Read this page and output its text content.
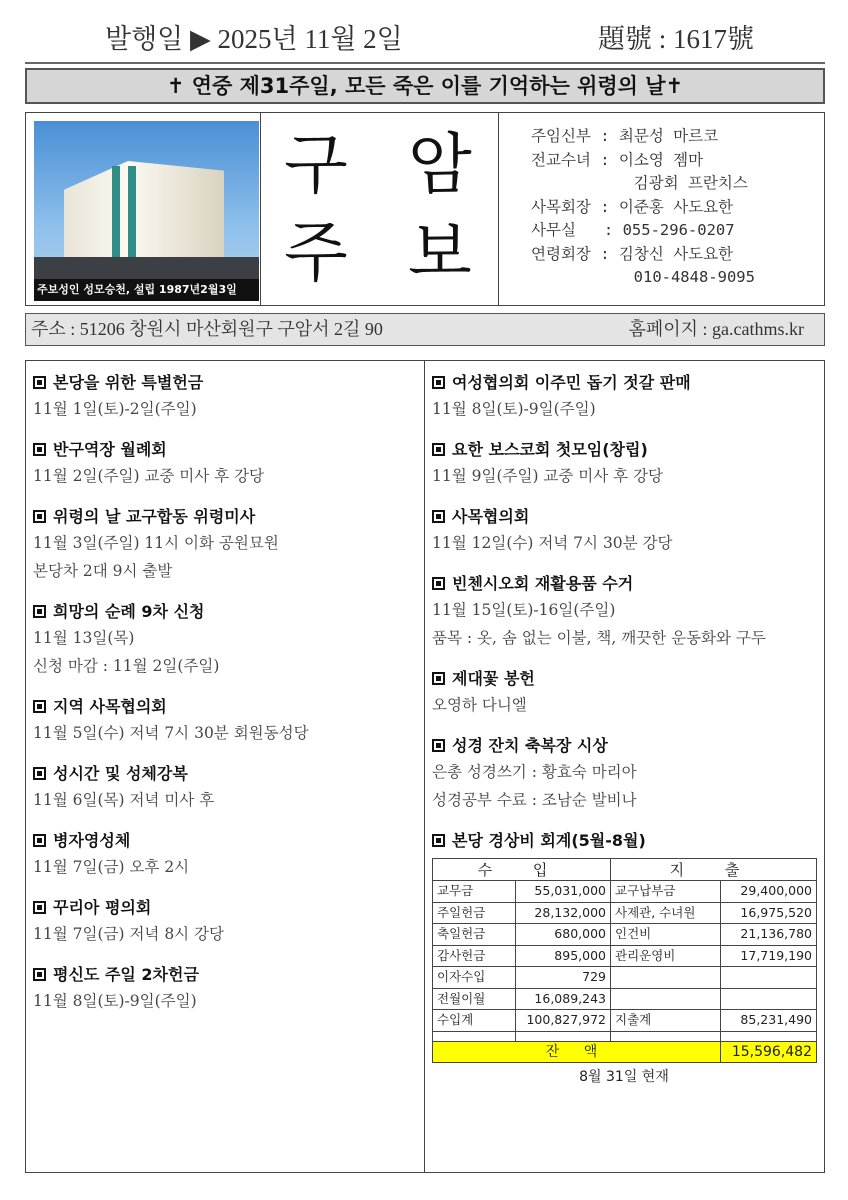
발행일 ▶ 2025년 11월 2일	題號 : 1617號
✝ 연중 제31주일, 모든 죽은 이를 기억하는 위령의 날✝
주보성인 성모승천, 설립 1987년2월3일
구 암
주 보
주임신부 : 최문성 마르코
전교수녀 : 이소영 젬마
김광회 프란치스
사목회장 : 이준홍 사도요한
사무실   : 055-296-0207
연령회장 : 김창신 사도요한
010-4848-9095
주소 : 51206 창원시 마산회원구 구암서 2길 90	홈페이지 : ga.cathms.kr
본당을 위한 특별헌금
11월 1일(토)-2일(주일)
반구역장 월례회
11월 2일(주일) 교중 미사 후 강당
위령의 날 교구합동 위령미사
11월 3일(주일) 11시 이화 공원묘원
본당차 2대 9시 출발
희망의 순례 9차 신청
11월 13일(목)
신청 마감 : 11월 2일(주일)
지역 사목협의회
11월 5일(수) 저녁 7시 30분 회원동성당
성시간 및 성체강복
11월 6일(목) 저녁 미사 후
병자영성체
11월 7일(금) 오후 2시
꾸리아 평의회
11월 7일(금) 저녁 8시 강당
평신도 주일 2차헌금
11월 8일(토)-9일(주일)
여성협의회 이주민 돕기 젓갈 판매
11월 8일(토)-9일(주일)
요한 보스코회 첫모임(창립)
11월 9일(주일) 교중 미사 후 강당
사목협의회
11월 12일(수) 저녁 7시 30분 강당
빈첸시오회 재활용품 수거
11월 15일(토)-16일(주일)
품목 : 옷, 솜 없는 이불, 책, 깨끗한 운동화와 구두
제대꽃 봉헌
오영하 다니엘
성경 잔치 축복장 시상
은총 성경쓰기 : 황효숙 마리아
성경공부 수료 : 조남순 발비나
본당 경상비 회계(5월-8월)
수 입		지 출	
교무금	55,031,000	교구납부금	29,400,000
주일헌금	28,132,000	사제관, 수녀원	16,975,520
축일헌금	680,000	인건비	21,136,780
감사헌금	895,000	관리운영비	17,719,190
이자수입	729		
전월이월	16,089,243		
수입계	100,827,972	지출계	85,231,490

잔 액			15,596,482
8월 31일 현재
